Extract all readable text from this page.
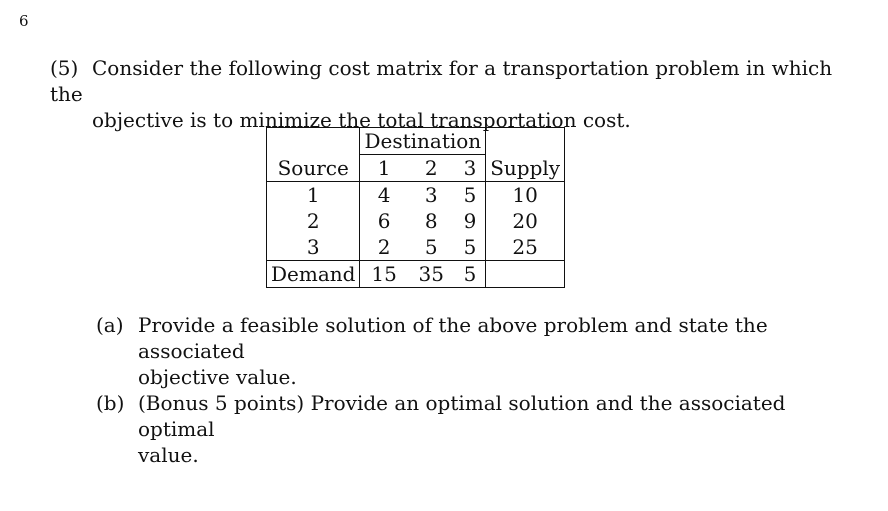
6
(5) Consider the following cost matrix for a transportation problem in which the
objective is to minimize the total transportation cost.
	Destination			
Source	1	2	3	Supply
1	4	3	5	10
2	6	8	9	20
3	2	5	5	25
Demand	15	35	5	
(a) Provide a feasible solution of the above problem and state the associated
objective value.
(b) (Bonus 5 points) Provide an optimal solution and the associated optimal
value.
